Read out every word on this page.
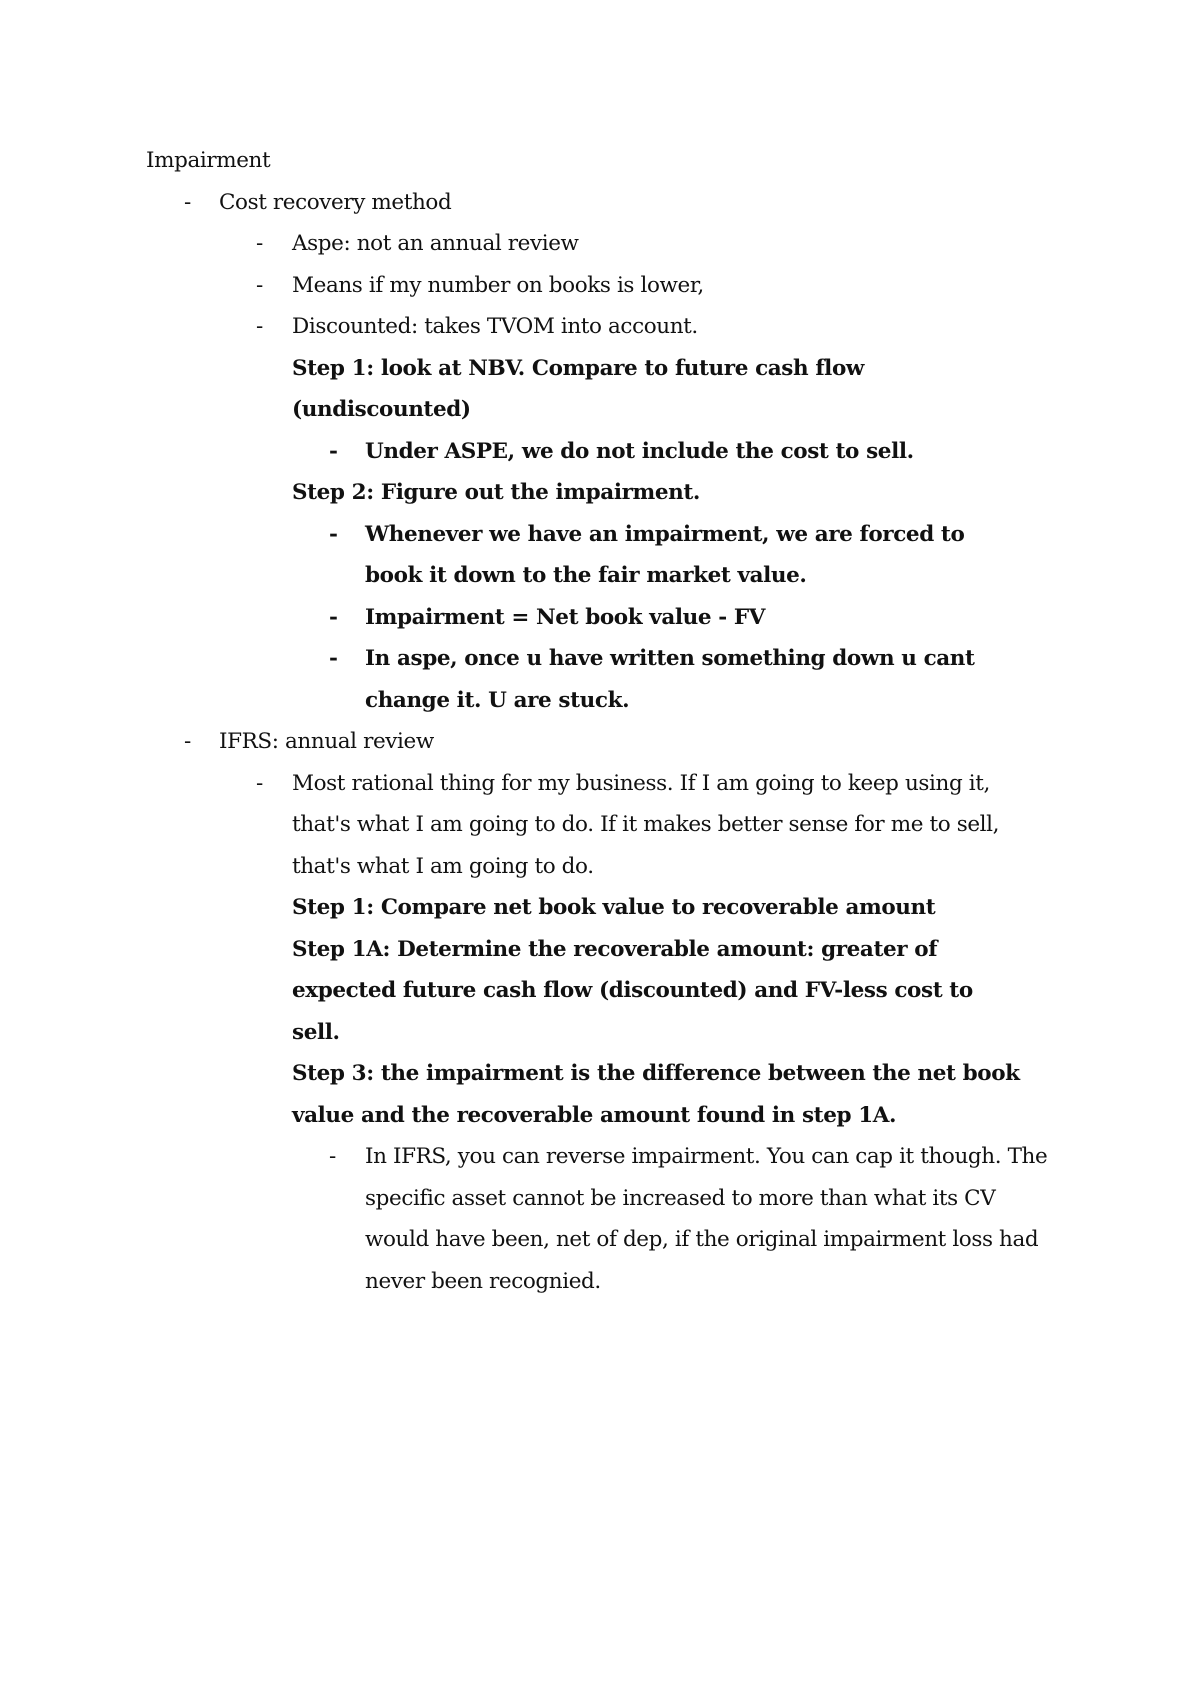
Impairment
- Cost recovery method
- Aspe: not an annual review
- Means if my number on books is lower,
- Discounted: takes TVOM into account.
Step 1: look at NBV. Compare to future cash flow
(undiscounted)
- Under ASPE, we do not include the cost to sell.
Step 2: Figure out the impairment.
- Whenever we have an impairment, we are forced to
book it down to the fair market value.
- Impairment = Net book value - FV
- In aspe, once u have written something down u cant
change it. U are stuck.
- IFRS: annual review
- Most rational thing for my business. If I am going to keep using it,
that's what I am going to do. If it makes better sense for me to sell,
that's what I am going to do.
Step 1: Compare net book value to recoverable amount
Step 1A: Determine the recoverable amount: greater of
expected future cash flow (discounted) and FV-less cost to
sell.
Step 3: the impairment is the difference between the net book
value and the recoverable amount found in step 1A.
- In IFRS, you can reverse impairment. You can cap it though. The
specific asset cannot be increased to more than what its CV
would have been, net of dep, if the original impairment loss had
never been recognied.
